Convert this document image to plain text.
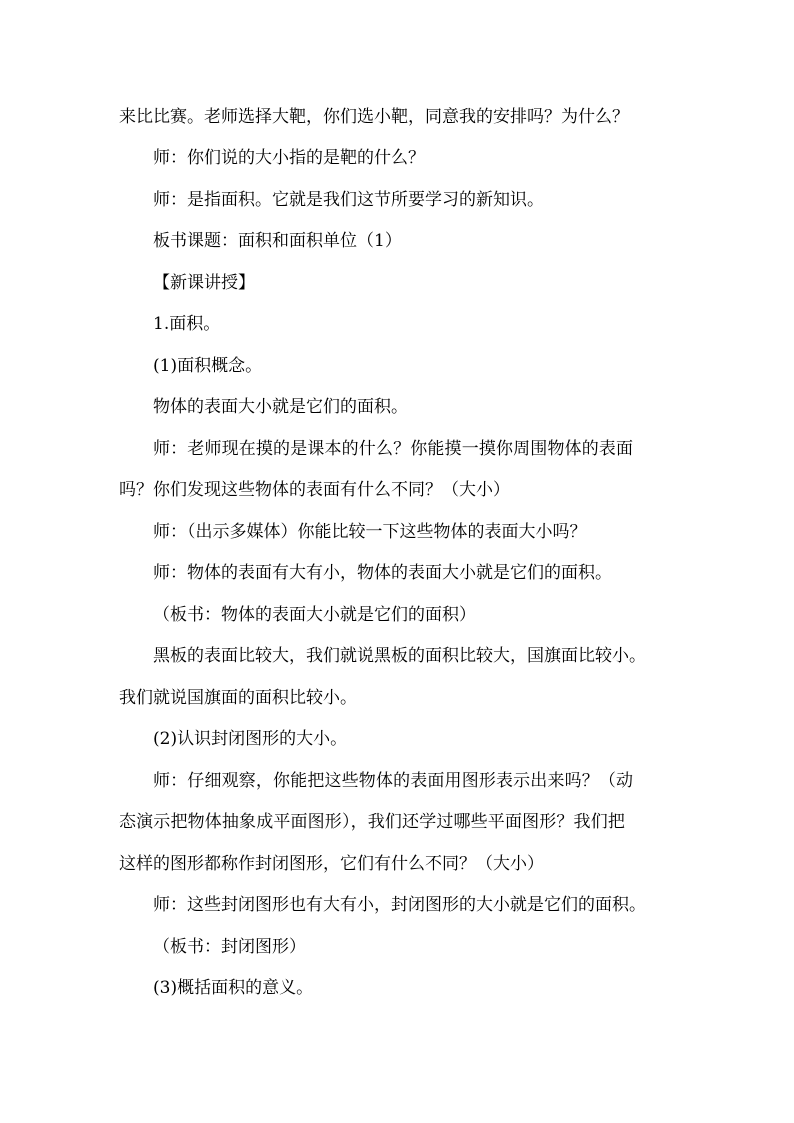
来比比赛。老师选择大靶，你们选小靶，同意我的安排吗？为什么？
师：你们说的大小指的是靶的什么？
师：是指面积。它就是我们这节所要学习的新知识。
板书课题：面积和面积单位（1）
【新课讲授】
1.面积。
(1)面积概念。
物体的表面大小就是它们的面积。
师：老师现在摸的是课本的什么？你能摸一摸你周围物体的表面
吗？你们发现这些物体的表面有什么不同？（大小）
师：（出示多媒体）你能比较一下这些物体的表面大小吗？
师：物体的表面有大有小，物体的表面大小就是它们的面积。
（板书：物体的表面大小就是它们的面积）
黑板的表面比较大，我们就说黑板的面积比较大，国旗面比较小。
我们就说国旗面的面积比较小。
(2)认识封闭图形的大小。
师：仔细观察，你能把这些物体的表面用图形表示出来吗？（动
态演示把物体抽象成平面图形），我们还学过哪些平面图形？我们把
这样的图形都称作封闭图形，它们有什么不同？（大小）
师：这些封闭图形也有大有小，封闭图形的大小就是它们的面积。
（板书：封闭图形）
(3)概括面积的意义。
